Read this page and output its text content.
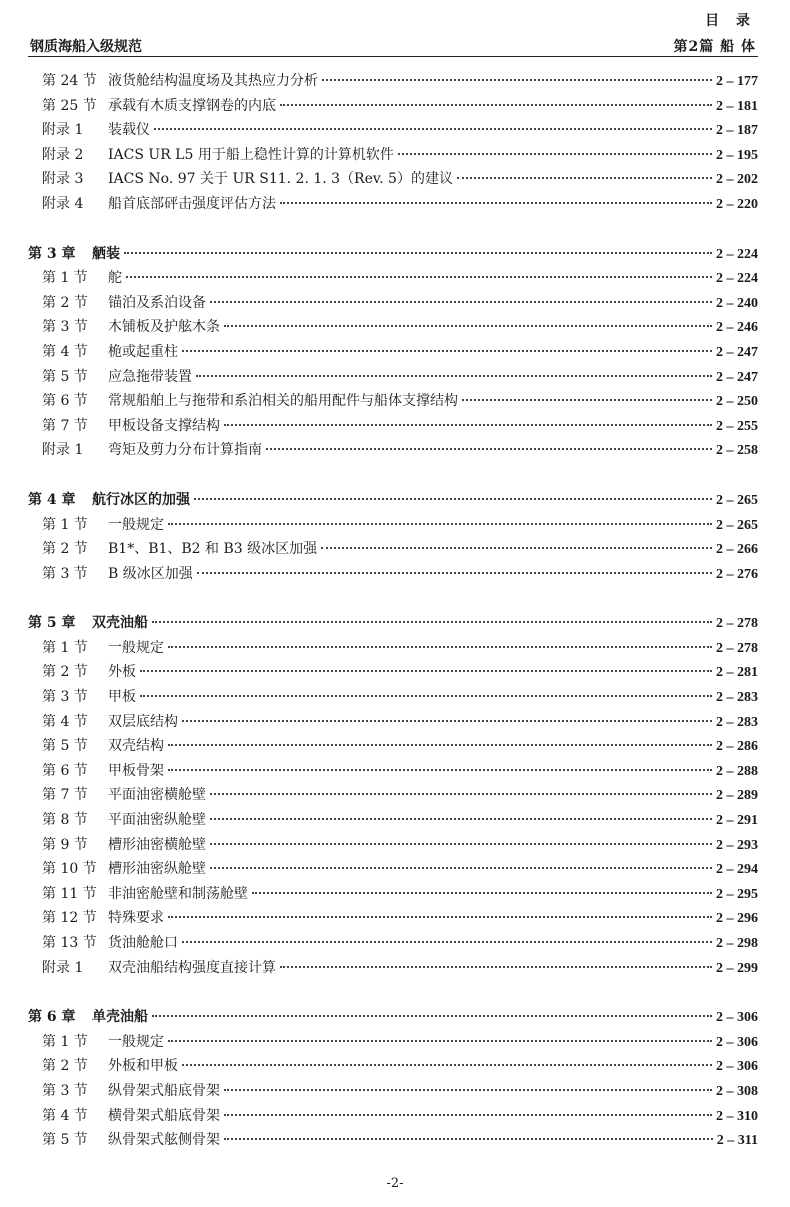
目 录
钢质海船入级规范	第2篇 船 体
第 24 节 液货舱结构温度场及其热应力分析	2 – 177
第 25 节 承载有木质支撑钢卷的内底	2 – 181
附录 1	装载仪	2 – 187
附录 2	IACS UR L5 用于船上稳性计算的计算机软件	2 – 195
附录 3	IACS No. 97 关于 UR S11. 2. 1. 3（Rev. 5）的建议	2 – 202
附录 4	船首底部砰击强度评估方法	2 – 220
第 3 章	舾装	2 – 224
第 1 节	舵	2 – 224
第 2 节	锚泊及系泊设备	2 – 240
第 3 节	木铺板及护舷木条	2 – 246
第 4 节	桅或起重柱	2 – 247
第 5 节	应急拖带装置	2 – 247
第 6 节	常规船舶上与拖带和系泊相关的船用配件与船体支撑结构	2 – 250
第 7 节	甲板设备支撑结构	2 – 255
附录 1	弯矩及剪力分布计算指南	2 – 258
第 4 章	航行冰区的加强	2 – 265
第 1 节	一般规定	2 – 265
第 2 节	B1*、B1、B2 和 B3 级冰区加强	2 – 266
第 3 节	B 级冰区加强	2 – 276
第 5 章	双壳油船	2 – 278
第 1 节	一般规定	2 – 278
第 2 节	外板	2 – 281
第 3 节	甲板	2 – 283
第 4 节	双层底结构	2 – 283
第 5 节	双壳结构	2 – 286
第 6 节	甲板骨架	2 – 288
第 7 节	平面油密横舱壁	2 – 289
第 8 节	平面油密纵舱壁	2 – 291
第 9 节	槽形油密横舱壁	2 – 293
第 10 节 槽形油密纵舱壁	2 – 294
第 11 节 非油密舱壁和制荡舱壁	2 – 295
第 12 节 特殊要求	2 – 296
第 13 节 货油舱舱口	2 – 298
附录 1	双壳油船结构强度直接计算	2 – 299
第 6 章	单壳油船	2 – 306
第 1 节	一般规定	2 – 306
第 2 节	外板和甲板	2 – 306
第 3 节	纵骨架式船底骨架	2 – 308
第 4 节	横骨架式船底骨架	2 – 310
第 5 节	纵骨架式舷侧骨架	2 – 311
-2-
